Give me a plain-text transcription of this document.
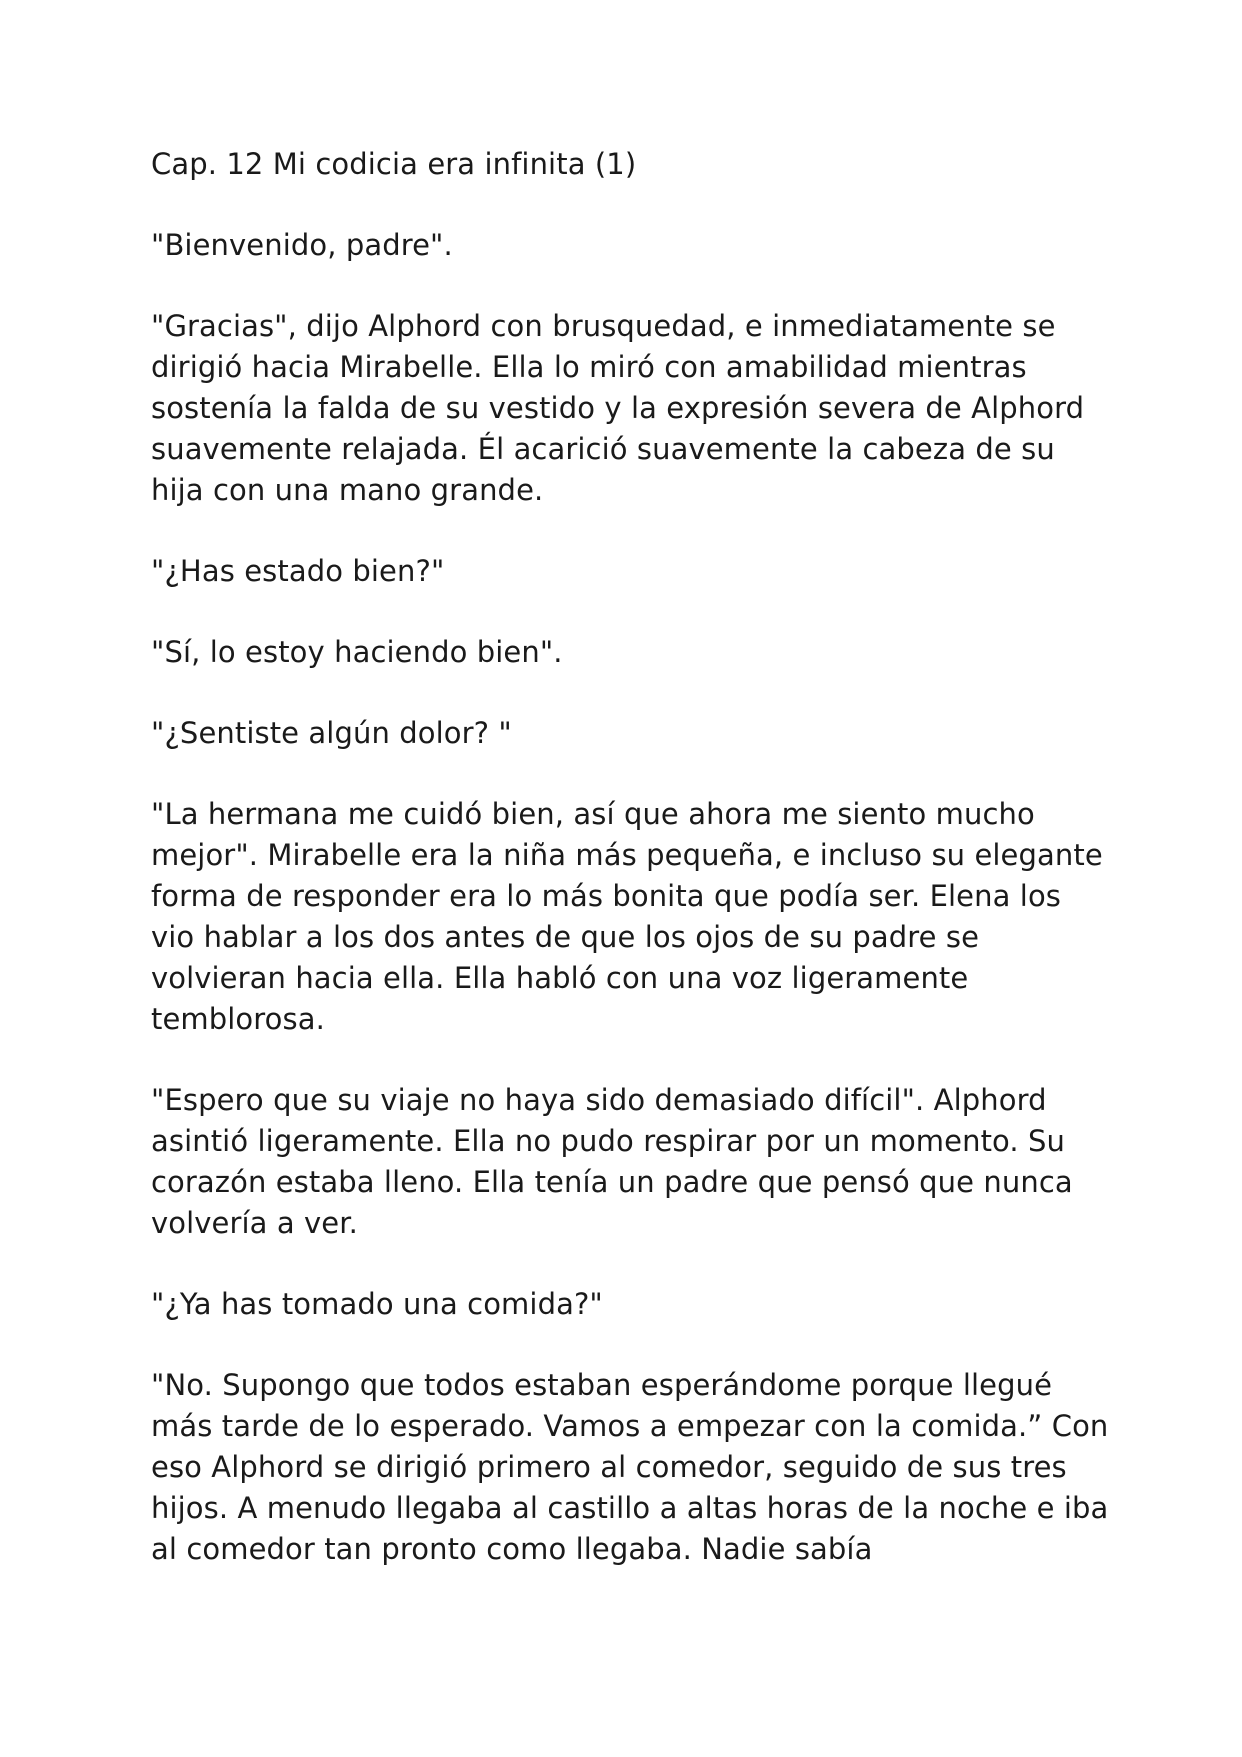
Cap. 12 Mi codicia era infinita (1)

"Bienvenido, padre".

"Gracias", dijo Alphord con brusquedad, e inmediatamente se dirigió hacia Mirabelle. Ella lo miró con amabilidad mientras sostenía la falda de su vestido y la expresión severa de Alphord suavemente relajada. Él acarició suavemente la cabeza de su hija con una mano grande.

"¿Has estado bien?"

"Sí, lo estoy haciendo bien".

"¿Sentiste algún dolor? "

"La hermana me cuidó bien, así que ahora me siento mucho mejor". Mirabelle era la niña más pequeña, e incluso su elegante forma de responder era lo más bonita que podía ser. Elena los vio hablar a los dos antes de que los ojos de su padre se volvieran hacia ella. Ella habló con una voz ligeramente temblorosa.

"Espero que su viaje no haya sido demasiado difícil". Alphord asintió ligeramente. Ella no pudo respirar por un momento. Su corazón estaba lleno. Ella tenía un padre que pensó que nunca volvería a ver.

"¿Ya has tomado una comida?"

"No. Supongo que todos estaban esperándome porque llegué más tarde de lo esperado. Vamos a empezar con la comida.” Con eso Alphord se dirigió primero al comedor, seguido de sus tres hijos. A menudo llegaba al castillo a altas horas de la noche e iba al comedor tan pronto como llegaba. Nadie sabía
